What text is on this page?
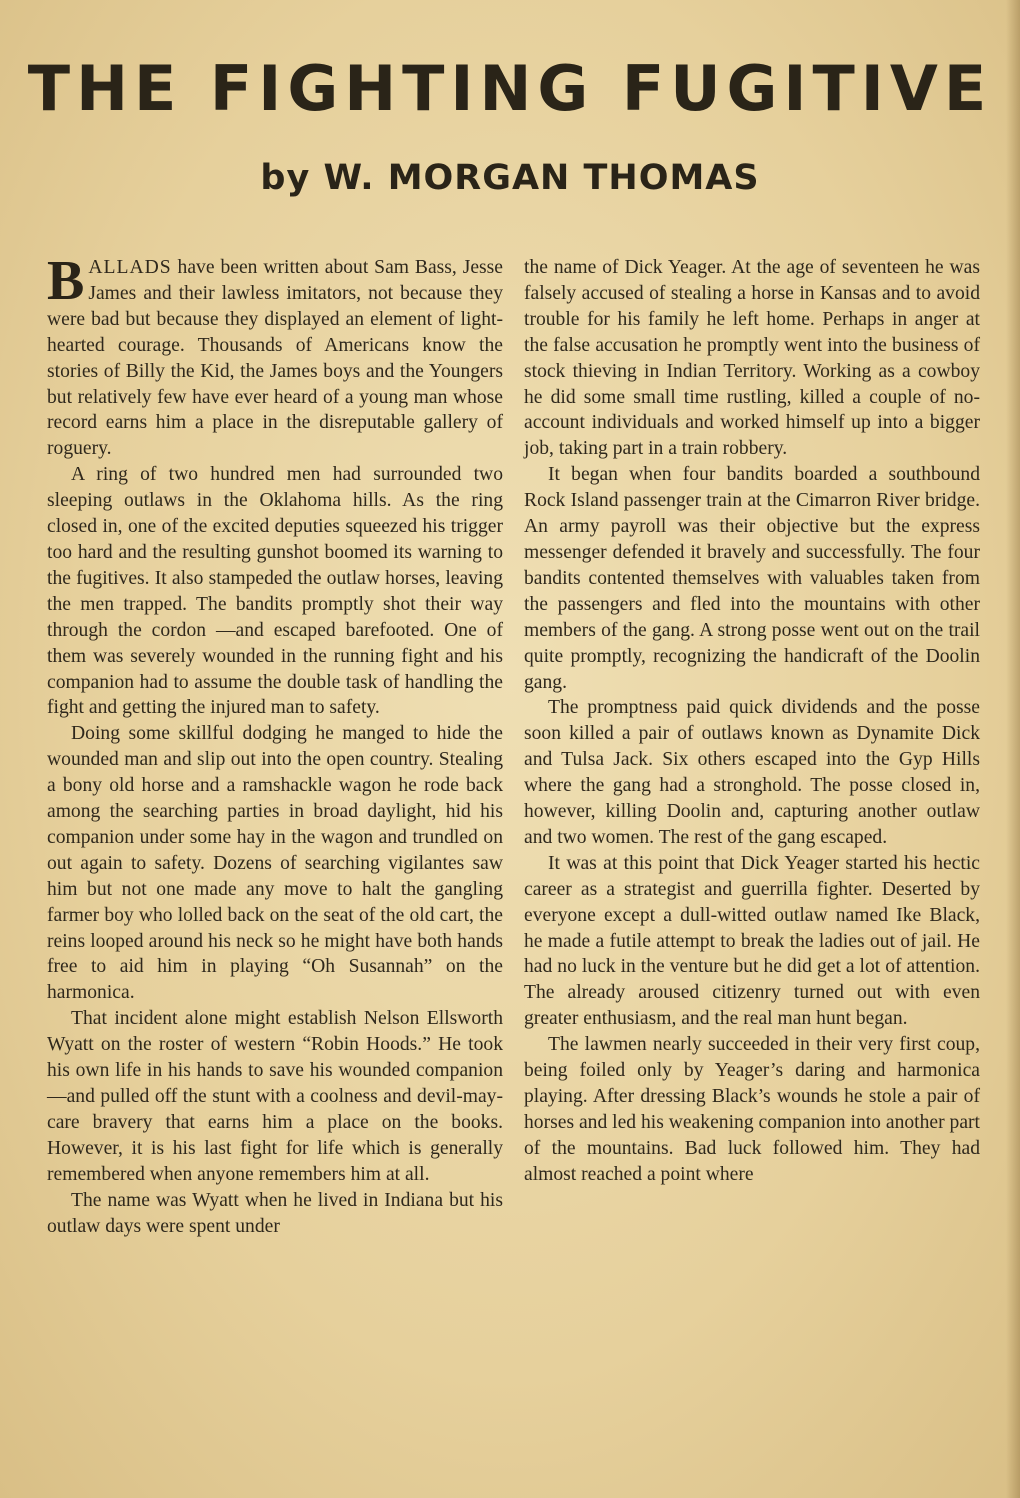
THE FIGHTING FUGITIVE
by W. MORGAN THOMAS

BALLADS have been written about Sam Bass, Jesse James and their lawless imitators, not because they were bad but because they displayed an element of light-hearted courage. Thousands of Americans know the stories of Billy the Kid, the James boys and the Youngers but relatively few have ever heard of a young man whose record earns him a place in the disreputable gallery of roguery.

A ring of two hundred men had surrounded two sleeping outlaws in the Oklahoma hills. As the ring closed in, one of the excited deputies squeezed his trigger too hard and the resulting gunshot boomed its warning to the fugitives. It also stampeded the outlaw horses, leaving the men trapped. The bandits promptly shot their way through the cordon —and escaped barefooted. One of them was severely wounded in the running fight and his companion had to assume the double task of handling the fight and getting the injured man to safety.

Doing some skillful dodging he manged to hide the wounded man and slip out into the open country. Stealing a bony old horse and a ramshackle wagon he rode back among the searching parties in broad daylight, hid his companion under some hay in the wagon and trundled on out again to safety. Dozens of searching vigilantes saw him but not one made any move to halt the gangling farmer boy who lolled back on the seat of the old cart, the reins looped around his neck so he might have both hands free to aid him in playing “Oh Susannah” on the harmonica.

That incident alone might establish Nelson Ellsworth Wyatt on the roster of western “Robin Hoods.” He took his own life in his hands to save his wounded companion—and pulled off the stunt with a coolness and devil-may-care bravery that earns him a place on the books. However, it is his last fight for life which is generally remembered when anyone remembers him at all.

The name was Wyatt when he lived in Indiana but his outlaw days were spent under

the name of Dick Yeager. At the age of seventeen he was falsely accused of stealing a horse in Kansas and to avoid trouble for his family he left home. Perhaps in anger at the false accusation he promptly went into the business of stock thieving in Indian Territory. Working as a cowboy he did some small time rustling, killed a couple of no-account individuals and worked himself up into a bigger job, taking part in a train robbery.

It began when four bandits boarded a southbound Rock Island passenger train at the Cimarron River bridge. An army payroll was their objective but the express messenger defended it bravely and successfully. The four bandits contented themselves with valuables taken from the passengers and fled into the mountains with other members of the gang. A strong posse went out on the trail quite promptly, recognizing the handicraft of the Doolin gang.

The promptness paid quick dividends and the posse soon killed a pair of outlaws known as Dynamite Dick and Tulsa Jack. Six others escaped into the Gyp Hills where the gang had a stronghold. The posse closed in, however, killing Doolin and, capturing another outlaw and two women. The rest of the gang escaped.

It was at this point that Dick Yeager started his hectic career as a strategist and guerrilla fighter. Deserted by everyone except a dull-witted outlaw named Ike Black, he made a futile attempt to break the ladies out of jail. He had no luck in the venture but he did get a lot of attention. The already aroused citizenry turned out with even greater enthusiasm, and the real man hunt began.

The lawmen nearly succeeded in their very first coup, being foiled only by Yeager’s daring and harmonica playing. After dressing Black’s wounds he stole a pair of horses and led his weakening companion into another part of the mountains. Bad luck followed him. They had almost reached a point where
